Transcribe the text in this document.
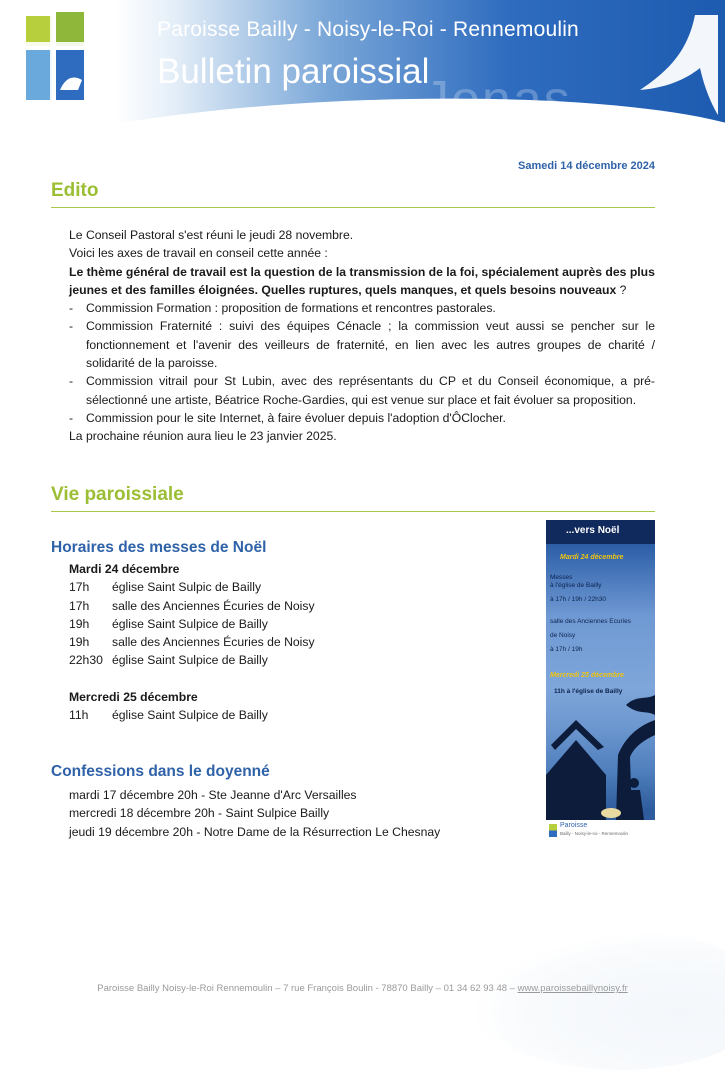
Paroisse Bailly - Noisy-le-Roi - Rennemoulin
Bulletin paroissial
Jonas
Samedi 14 décembre 2024
Edito

Le Conseil Pastoral s'est réuni le jeudi 28 novembre.

Voici les axes de travail en conseil cette année :

Le thème général de travail est la question de la transmission de la foi, spécialement auprès des plus jeunes et des familles éloignées. Quelles ruptures, quels manques, et quels besoins nouveaux ?

- Commission Formation : proposition de formations et rencontres pastorales.
- Commission Fraternité : suivi des équipes Cénacle ; la commission veut aussi se pencher sur le fonctionnement et l'avenir des veilleurs de fraternité, en lien avec les autres groupes de charité / solidarité de la paroisse.
- Commission vitrail pour St Lubin, avec des représentants du CP et du Conseil économique, a pré-sélectionné une artiste, Béatrice Roche-Gardies, qui est venue sur place et fait évoluer sa proposition.
- Commission pour le site Internet, à faire évoluer depuis l'adoption d'ÔClocher.

La prochaine réunion aura lieu le 23 janvier 2025.

Vie paroissiale
Horaires des messes de Noël
Mardi 24 décembre
17h	église Saint Sulpic de Bailly
17h	salle des Anciennes Écuries de Noisy
19h	église Saint Sulpice de Bailly
19h	salle des Anciennes Écuries de Noisy
22h30 église Saint Sulpice de Bailly
Mercredi 25 décembre
11h	église Saint Sulpice de Bailly
Confessions dans le doyenné
mardi 17 décembre 20h - Ste Jeanne d'Arc Versailles
mercredi 18 décembre 20h - Saint Sulpice Bailly
jeudi 19 décembre 20h - Notre Dame de la Résurrection Le Chesnay
...vers Noël
Mardi 24 décembre
Messes
à l'église de Bailly
à 17h / 19h / 22h30
salle des Anciennes Ecuries
de Noisy
à 17h / 19h
Mercredi 25 décembre
11h à l'église de Bailly
Paroisse
Bailly - Noisy-le-roi - Rennemoulin
Paroisse Bailly Noisy-le-Roi Rennemoulin – 7 rue François Boulin - 78870 Bailly – 01 34 62 93 48 – www.paroissebaillynoisy.fr
